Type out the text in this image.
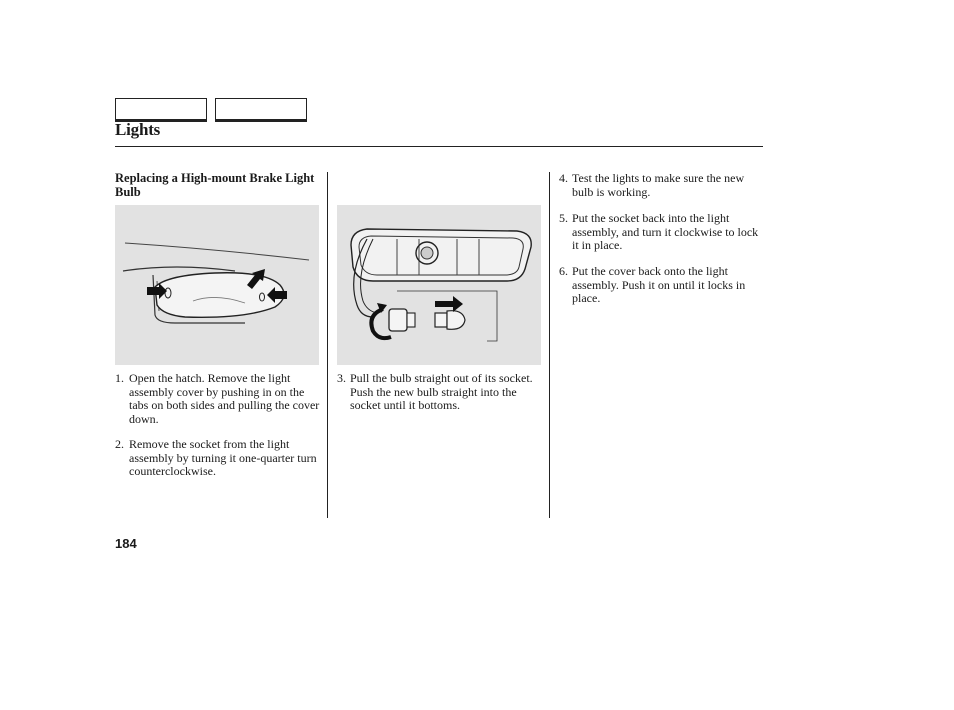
Lights
Replacing a High-mount Brake Light Bulb
1. Open the hatch. Remove the light assembly cover by pushing in on the tabs on both sides and pulling the cover down.
2. Remove the socket from the light assembly by turning it one-quarter turn counterclockwise.
3. Pull the bulb straight out of its socket. Push the new bulb straight into the socket until it bottoms.
4. Test the lights to make sure the new bulb is working.
5. Put the socket back into the light assembly, and turn it clockwise to lock it in place.
6. Put the cover back onto the light assembly. Push it on until it locks in place.
184
